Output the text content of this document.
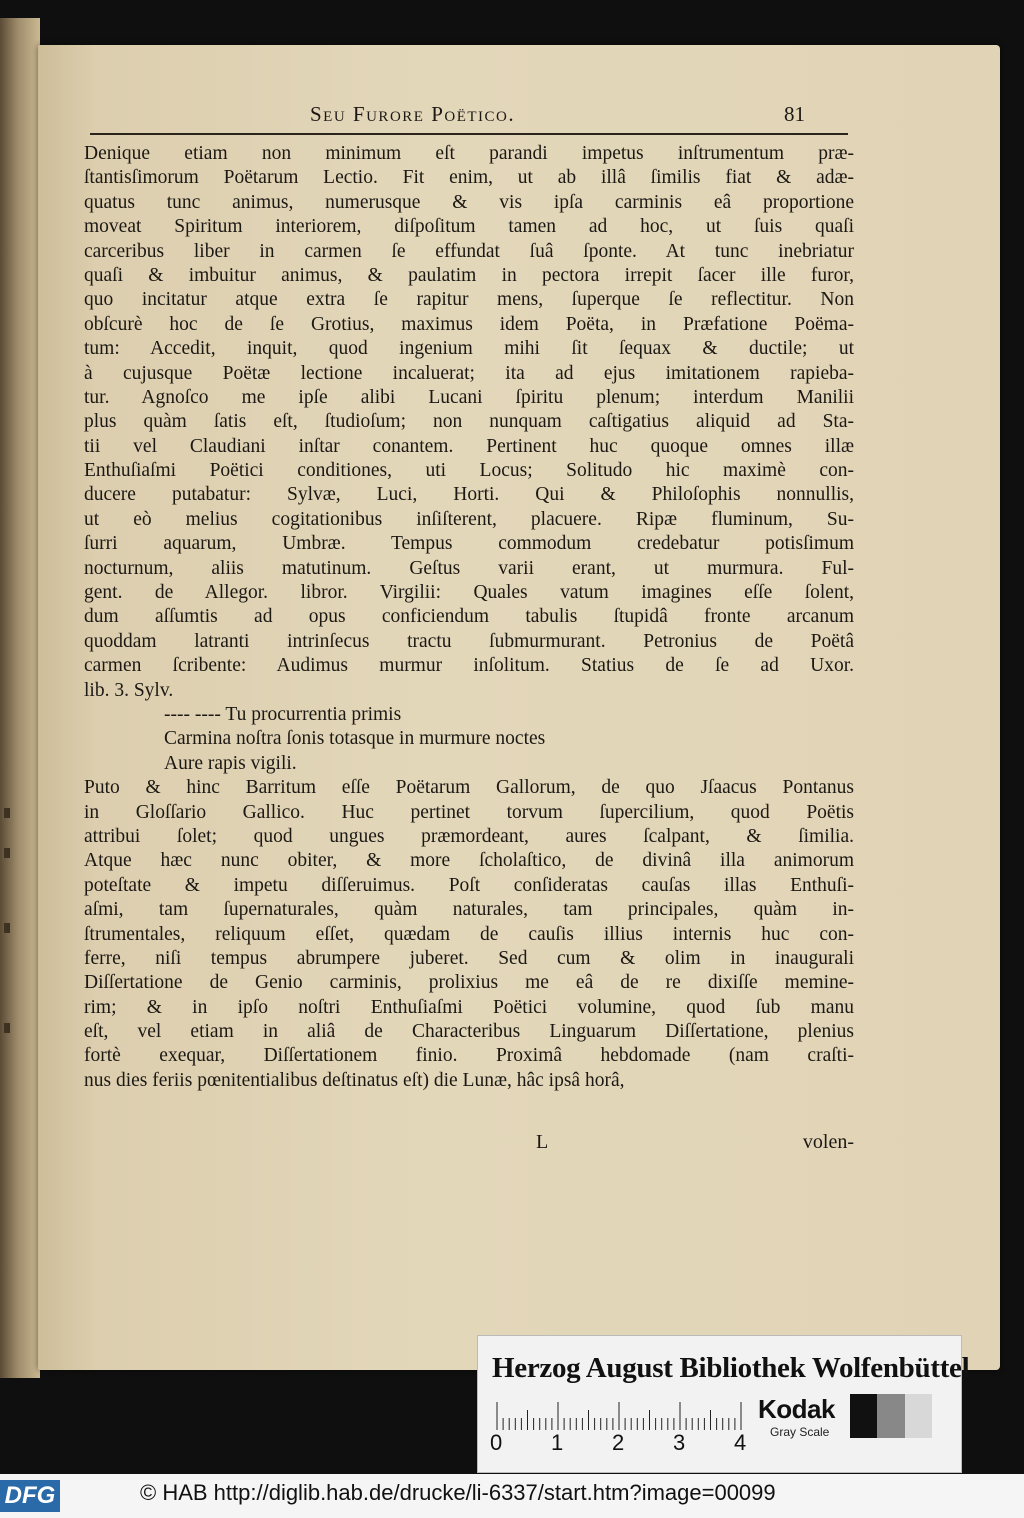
Seu Furore Poëtico.	81
Denique etiam non minimum eſt parandi impetus inſtrumentum præ-
ſtantisſimorum Poëtarum Lectio. Fit enim, ut ab illâ ſimilis fiat & adæ-
quatus tunc animus, numerusque & vis ipſa carminis eâ proportione
moveat Spiritum interiorem, diſpoſitum tamen ad hoc, ut ſuis quaſi
carceribus liber in carmen ſe effundat ſuâ ſponte. At tunc inebriatur
quaſi & imbuitur animus, & paulatim in pectora irrepit ſacer ille furor,
quo incitatur atque extra ſe rapitur mens, ſuperque ſe reflectitur. Non
obſcurè hoc de ſe Grotius, maximus idem Poëta, in Præfatione Poëma-
tum: Accedit, inquit, quod ingenium mihi ſit ſequax & ductile; ut
à cujusque Poëtæ lectione incaluerat; ita ad ejus imitationem rapieba-
tur. Agnoſco me ipſe alibi Lucani ſpiritu plenum; interdum Manilii
plus quàm ſatis eſt, ſtudioſum; non nunquam caſtigatius aliquid ad Sta-
tii vel Claudiani inſtar conantem. Pertinent huc quoque omnes illæ
Enthuſiaſmi Poëtici conditiones, uti Locus; Solitudo hic maximè con-
ducere putabatur: Sylvæ, Luci, Horti. Qui & Philoſophis nonnullis,
ut eò melius cogitationibus inſiſterent, placuere. Ripæ fluminum, Su-
ſurri aquarum, Umbræ. Tempus commodum credebatur potisſimum
nocturnum, aliis matutinum. Geſtus varii erant, ut murmura. Ful-
gent. de Allegor. libror. Virgilii: Quales vatum imagines eſſe ſolent,
dum aſſumtis ad opus conficiendum tabulis ſtupidâ fronte arcanum
quoddam latranti intrinſecus tractu ſubmurmurant. Petronius de Poëtâ
carmen ſcribente: Audimus murmur inſolitum. Statius de ſe ad Uxor.
lib. 3. Sylv.
---- ---- Tu procurrentia primis
Carmina noſtra ſonis totasque in murmure noctes
Aure rapis vigili.
Puto & hinc Barritum eſſe Poëtarum Gallorum, de quo Jſaacus Pontanus
in Gloſſario Gallico. Huc pertinet torvum ſupercilium, quod Poëtis
attribui ſolet; quod ungues præmordeant, aures ſcalpant, & ſimilia.
Atque hæc nunc obiter, & more ſcholaſtico, de divinâ illa animorum
poteſtate & impetu diſſeruimus. Poſt conſideratas cauſas illas Enthuſi-
aſmi, tam ſupernaturales, quàm naturales, tam principales, quàm in-
ſtrumentales, reliquum eſſet, quædam de cauſis illius internis huc con-
ferre, niſi tempus abrumpere juberet. Sed cum & olim in inaugurali
Diſſertatione de Genio carminis, prolixius me eâ de re dixiſſe memine-
rim; & in ipſo noſtri Enthuſiaſmi Poëtici volumine, quod ſub manu
eſt, vel etiam in aliâ de Characteribus Linguarum Diſſertatione, plenius
fortè exequar, Diſſertationem finio. Proximâ hebdomade (nam craſti-
nus dies feriis pœnitentialibus deſtinatus eſt) die Lunæ, hâc ipsâ horâ,
L	volen-
Herzog August Bibliothek Wolfenbüttel
0 1 2 3 4
Kodak
Gray Scale
DFG	© HAB http://diglib.hab.de/drucke/li-6337/start.htm?image=00099
